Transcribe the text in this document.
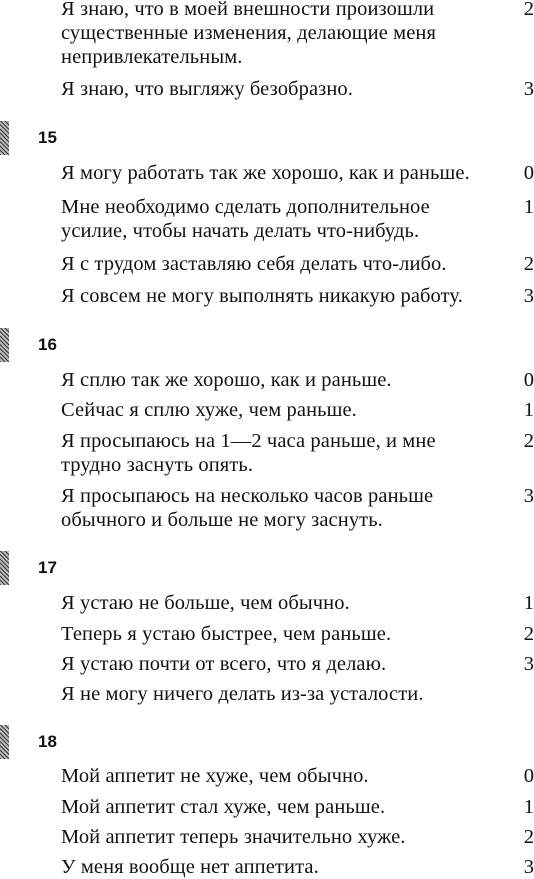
Я знаю, что в моей внешности произошли
существенные изменения, делающие меня
непривлекательным.
2
Я знаю, что выгляжу безобразно.	3
15
Я могу работать так же хорошо, как и раньше.	0
Мне необходимо сделать дополнительное
усилие, чтобы начать делать что-нибудь.
1
Я с трудом заставляю себя делать что-либо.	2
Я совсем не могу выполнять никакую работу.	3
16
Я сплю так же хорошо, как и раньше.	0
Сейчас я сплю хуже, чем раньше.	1
Я просыпаюсь на 1—2 часа раньше, и мне
трудно заснуть опять.
2
Я просыпаюсь на несколько часов раньше
обычного и больше не могу заснуть.
3
17
Я устаю не больше, чем обычно.	1
Теперь я устаю быстрее, чем раньше.	2
Я устаю почти от всего, что я делаю.	3
Я не могу ничего делать из-за усталости.
18
Мой аппетит не хуже, чем обычно.	0
Мой аппетит стал хуже, чем раньше.	1
Мой аппетит теперь значительно хуже.	2
У меня вообще нет аппетита.	3
